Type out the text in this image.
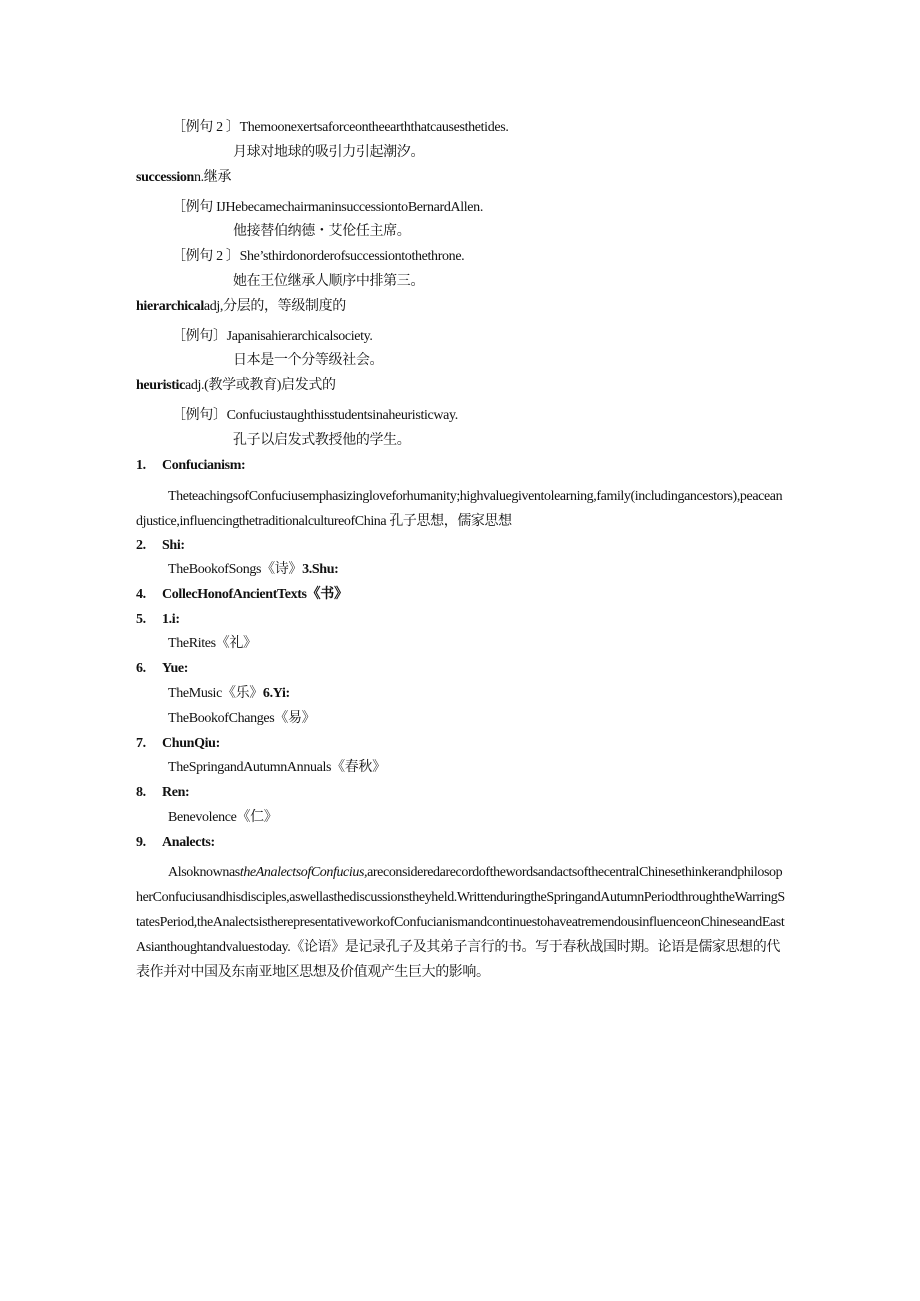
［例句 2 〕Themoonexertsaforceontheearththatcausesthetides.
月球对地球的吸引力引起潮汐。
successionn.继承
［例句 IJHebecamechairmaninsuccessiontoBernardAllen.
他接替伯纳德・艾伦任主席。
［例句 2 〕She’sthirdonorderofsuccessiontothethrone.
她在王位继承人顺序中排第三。
hierarchicaladj,分层的，等级制度的
［例句〕Japanisahierarchicalsociety.
日本是一个分等级社会。
heuristicadj.(教学或教育)启发式的
［例句〕Confuciustaughthisstudentsinaheuristicway.
孔子以启发式教授他的学生。
1. Confucianism:
TheteachingsofConfuciusemphasizingloveforhumanity;highvaluegiventolearning,family(includingancestors),peaceandjustice,influencingthetraditionalcultureofChina 孔子思想，儒家思想
2. Shi:
TheBookofSongs《诗》3.Shu:
4. CollecHonofAncientTexts《书》
5. 1.i:
TheRites《礼》
6. Yue:
TheMusic《乐》6.Yi:
TheBookofChanges《易》
7. ChunQiu:
TheSpringandAutumnAnnuals《春秋》
8. Ren:
Benevolence《仁》
9. Analects:
AlsoknownastheAnalectsofConfucius,areconsideredarecordofthewordsandactsofthecentralChinesethinkerandphilosopherConfuciusandhisdisciples,aswellasthediscussionstheyheld.WrittenduringtheSpringandAutumnPeriodthroughtheWarringStatesPeriod,theAnalectsistherepresentativeworkofConfucianismandcontinuestohaveatremendousinfluenceonChineseandEastAsianthoughtandvaluestoday.《论语》是记录孔子及其弟子言行的书。写于春秋战国时期。论语是儒家思想的代表作并对中国及东南亚地区思想及价值观产生巨大的影响。
